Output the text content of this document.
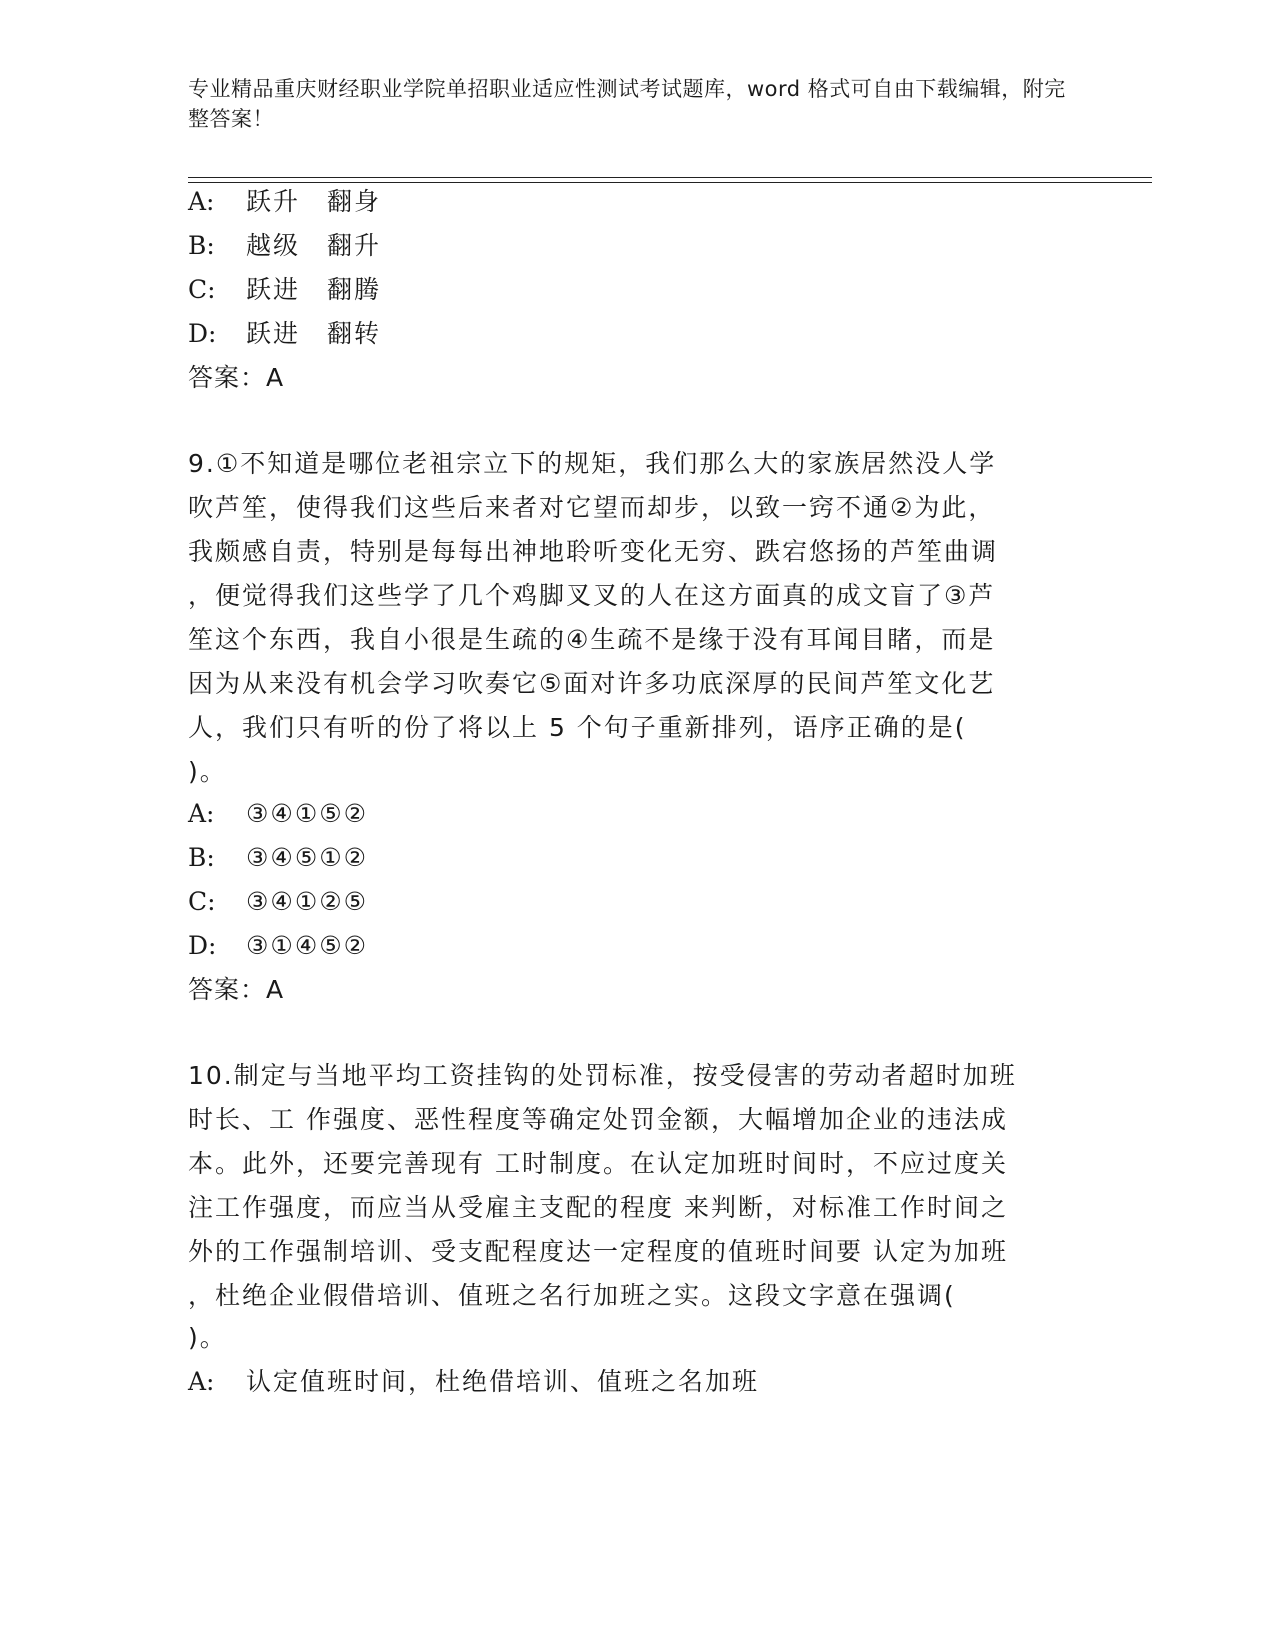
专业精品重庆财经职业学院单招职业适应性测试考试题库，word 格式可自由下载编辑，附完整答案！
A: 跃升　翻身
B: 越级　翻升
C: 跃进　翻腾
D: 跃进　翻转
答案：A
9.①不知道是哪位老祖宗立下的规矩，我们那么大的家族居然没人学
吹芦笙，使得我们这些后来者对它望而却步，以致一窍不通②为此，
我颇感自责，特别是每每出神地聆听变化无穷、跌宕悠扬的芦笙曲调
，便觉得我们这些学了几个鸡脚叉叉的人在这方面真的成文盲了③芦
笙这个东西，我自小很是生疏的④生疏不是缘于没有耳闻目睹，而是
因为从来没有机会学习吹奏它⑤面对许多功底深厚的民间芦笙文化艺
人，我们只有听的份了将以上 5 个句子重新排列，语序正确的是(
)。
A: ③④①⑤②
B: ③④⑤①②
C: ③④①②⑤
D: ③①④⑤②
答案：A
10.制定与当地平均工资挂钩的处罚标准，按受侵害的劳动者超时加班
时长、工 作强度、恶性程度等确定处罚金额，大幅增加企业的违法成
本。此外，还要完善现有 工时制度。在认定加班时间时，不应过度关
注工作强度，而应当从受雇主支配的程度 来判断，对标准工作时间之
外的工作强制培训、受支配程度达一定程度的值班时间要 认定为加班
，杜绝企业假借培训、值班之名行加班之实。这段文字意在强调(
)。
A: 认定值班时间，杜绝借培训、值班之名加班
